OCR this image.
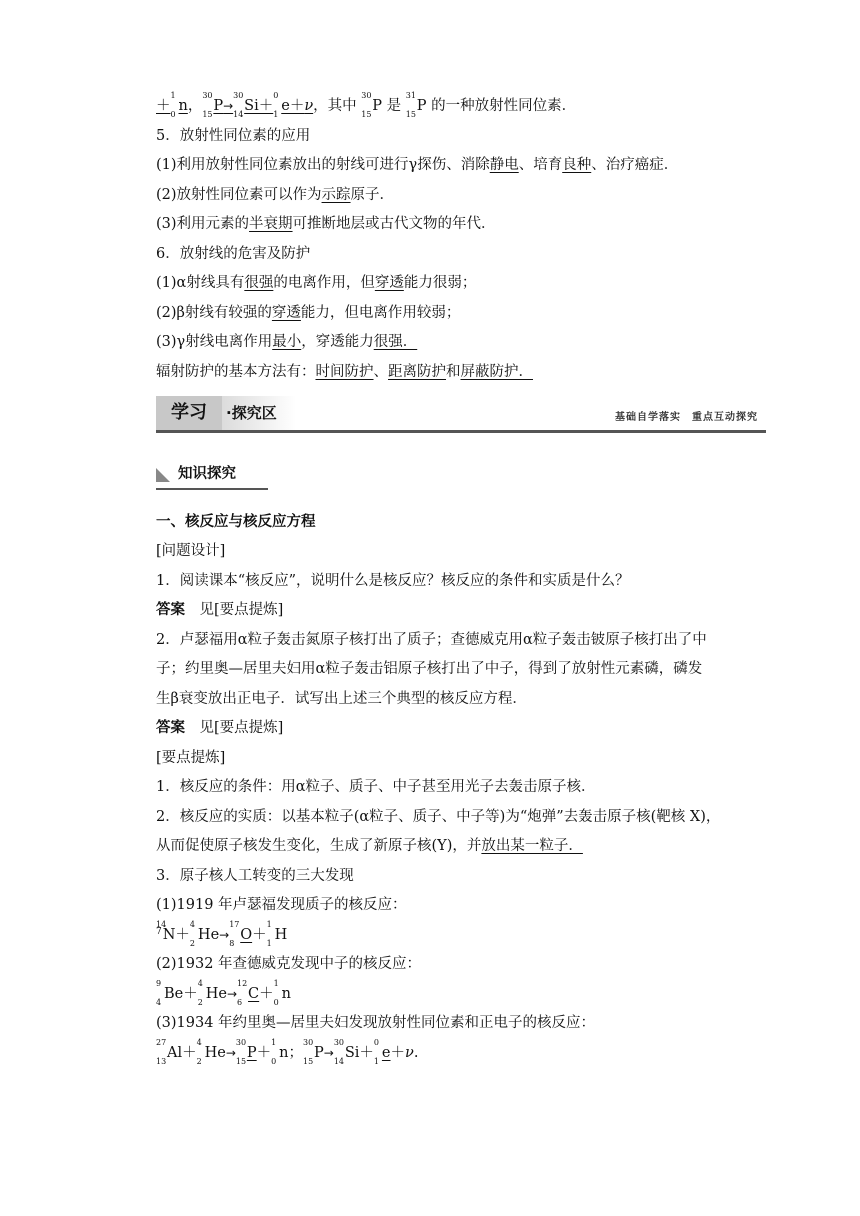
＋
1
0
n，
30
15
P→
30
14
Si＋
0
1
e＋ν，其中
30
15
P 是
31
15
P 的一种放射性同位素．
5．放射性同位素的应用
(1)利用放射性同位素放出的射线可进行γ探伤、消除静电、培育良种、治疗癌症．
(2)放射性同位素可以作为示踪原子．
(3)利用元素的半衰期可推断地层或古代文物的年代．
6．放射线的危害及防护
(1)α射线具有很强的电离作用，但穿透能力很弱；
(2)β射线有较强的穿透能力，但电离作用较弱；
(3)γ射线电离作用最小，穿透能力很强．
辐射防护的基本方法有：时间防护、距离防护和屏蔽防护．
学习	·探究区	基础自学落实　重点互动探究
知识探究
一、核反应与核反应方程
[问题设计]
1．阅读课本“核反应”，说明什么是核反应？核反应的条件和实质是什么？
答案　 见[要点提炼]
2．卢瑟福用α粒子轰击氮原子核打出了质子；查德威克用α粒子轰击铍原子核打出了中
子；约里奥—居里夫妇用α粒子轰击铝原子核打出了中子，得到了放射性元素磷，磷发
生β衰变放出正电子．试写出上述三个典型的核反应方程．
答案　 见[要点提炼]
[要点提炼]
1．核反应的条件：用α粒子、质子、中子甚至用光子去轰击原子核．
2．核反应的实质：以基本粒子(α粒子、质子、中子等)为“炮弹”去轰击原子核(靶核 X)，
从而促使原子核发生变化，生成了新原子核(Y)，并放出某一粒子．
3．原子核人工转变的三大发现
(1)1919 年卢瑟福发现质子的核反应：
14
$^7$N＋
4
2
He→
17
8
O＋
1
1
H
(2)1932 年查德威克发现中子的核反应：
9
4
Be＋
4
2
He→
12
6
C＋
1
0
n
(3)1934 年约里奥—居里夫妇发现放射性同位素和正电子的核反应：
27
13
Al＋
4
2
He→
30
15
P＋
1
0
n；
30
15
P→
30
14
Si＋
0
1
e＋ν.
